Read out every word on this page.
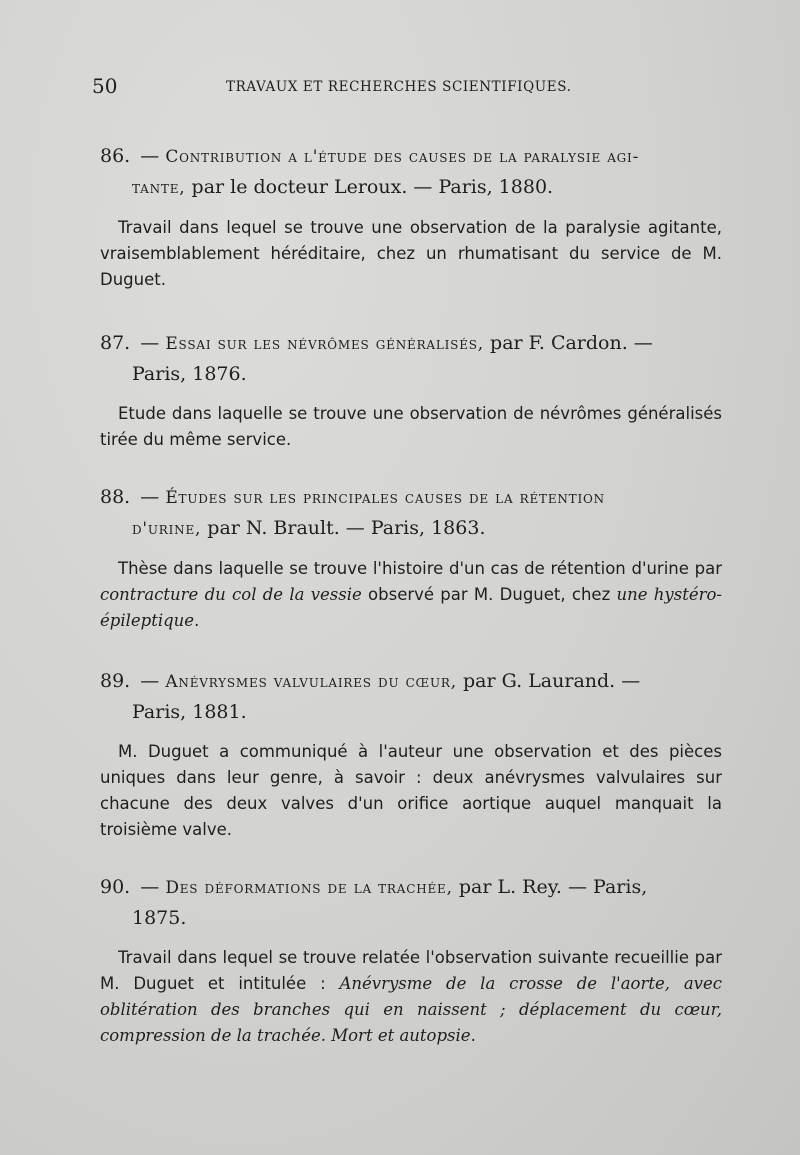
50	TRAVAUX ET RECHERCHES SCIENTIFIQUES.
86. — Contribution a l'étude des causes de la paralysie agi-
tante, par le docteur Leroux. — Paris, 1880.
Travail dans lequel se trouve une observation de la paralysie agitante, vraisemblablement héréditaire, chez un rhumatisant du service de M. Duguet.
87. — Essai sur les névrômes généralisés, par F. Cardon. —
Paris, 1876.
Etude dans laquelle se trouve une observation de névrômes généralisés tirée du même service.
88. — Études sur les principales causes de la rétention
d'urine, par N. Brault. — Paris, 1863.
Thèse dans laquelle se trouve l'histoire d'un cas de rétention d'urine par contracture du col de la vessie observé par M. Duguet, chez une hystéro-épileptique.
89. — Anévrysmes valvulaires du cœur, par G. Laurand. —
Paris, 1881.
M. Duguet a communiqué à l'auteur une observation et des pièces uniques dans leur genre, à savoir : deux anévrysmes valvulaires sur chacune des deux valves d'un orifice aortique auquel manquait la troisième valve.
90. — Des déformations de la trachée, par L. Rey. — Paris,
1875.
Travail dans lequel se trouve relatée l'observation suivante recueillie par M. Duguet et intitulée : Anévrysme de la crosse de l'aorte, avec oblitération des branches qui en naissent ; déplacement du cœur, compression de la trachée. Mort et autopsie.
